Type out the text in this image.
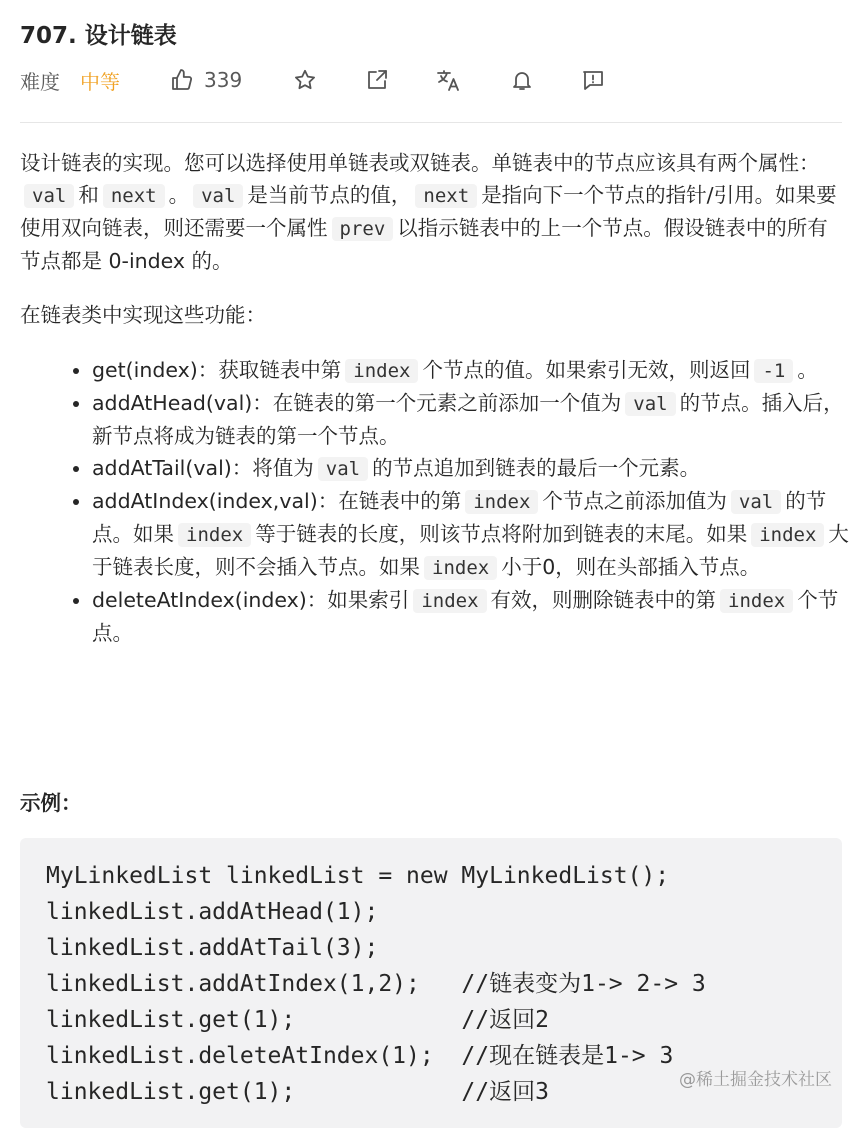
707. 设计链表
难度 中等	339

设计链表的实现。您可以选择使用单链表或双链表。单链表中的节点应该具有两个属性：val 和 next 。 val 是当前节点的值， next 是指向下一个节点的指针/引用。如果要使用双向链表，则还需要一个属性 prev 以指示链表中的上一个节点。假设链表中的所有节点都是 0-index 的。

在链表类中实现这些功能：
• get(index)：获取链表中第 index 个节点的值。如果索引无效，则返回 -1 。
• addAtHead(val)：在链表的第一个元素之前添加一个值为 val 的节点。插入后，新节点将成为链表的第一个节点。
• addAtTail(val)：将值为 val 的节点追加到链表的最后一个元素。
• addAtIndex(index,val)：在链表中的第 index 个节点之前添加值为 val 的节点。如果 index 等于链表的长度，则该节点将附加到链表的末尾。如果 index 大于链表长度，则不会插入节点。如果 index 小于0，则在头部插入节点。
• deleteAtIndex(index)：如果索引 index 有效，则删除链表中的第 index 个节点。
示例：
MyLinkedList linkedList = new MyLinkedList();
linkedList.addAtHead(1);
linkedList.addAtTail(3);
linkedList.addAtIndex(1,2);   //链表变为1-> 2-> 3
linkedList.get(1);            //返回2
linkedList.deleteAtIndex(1);  //现在链表是1-> 3
linkedList.get(1);            //返回3	@稀土掘金技术社区
